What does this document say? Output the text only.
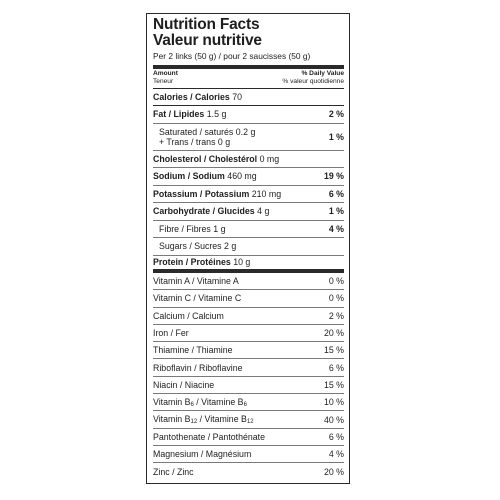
Nutrition Facts
Valeur nutritive
Per 2 links (50 g) / pour 2 saucisses (50 g)
Amount
Teneur
% Daily Value
% valeur quotidienne
Calories / Calories 70
Fat / Lipides 1.5 g	2 %
Saturated / saturés 0.2 g
+ Trans / trans 0 g	1 %
Cholesterol / Cholestérol 0 mg
Sodium / Sodium 460 mg	19 %
Potassium / Potassium 210 mg	6 %
Carbohydrate / Glucides 4 g	1 %
Fibre / Fibres 1 g	4 %
Sugars / Sucres 2 g
Protein / Protéines 10 g
Vitamin A / Vitamine A	0 %
Vitamin C / Vitamine C	0 %
Calcium / Calcium	2 %
Iron / Fer	20 %
Thiamine / Thiamine	15 %
Riboflavin / Riboflavine	6 %
Niacin / Niacine	15 %
Vitamin $B_6$ / Vitamine $B_6$	10 %
Vitamin $B_{12}$ / Vitamine $B_{12}$	40 %
Pantothenate / Pantothénate	6 %
Magnesium / Magnésium	4 %
Zinc / Zinc	20 %
